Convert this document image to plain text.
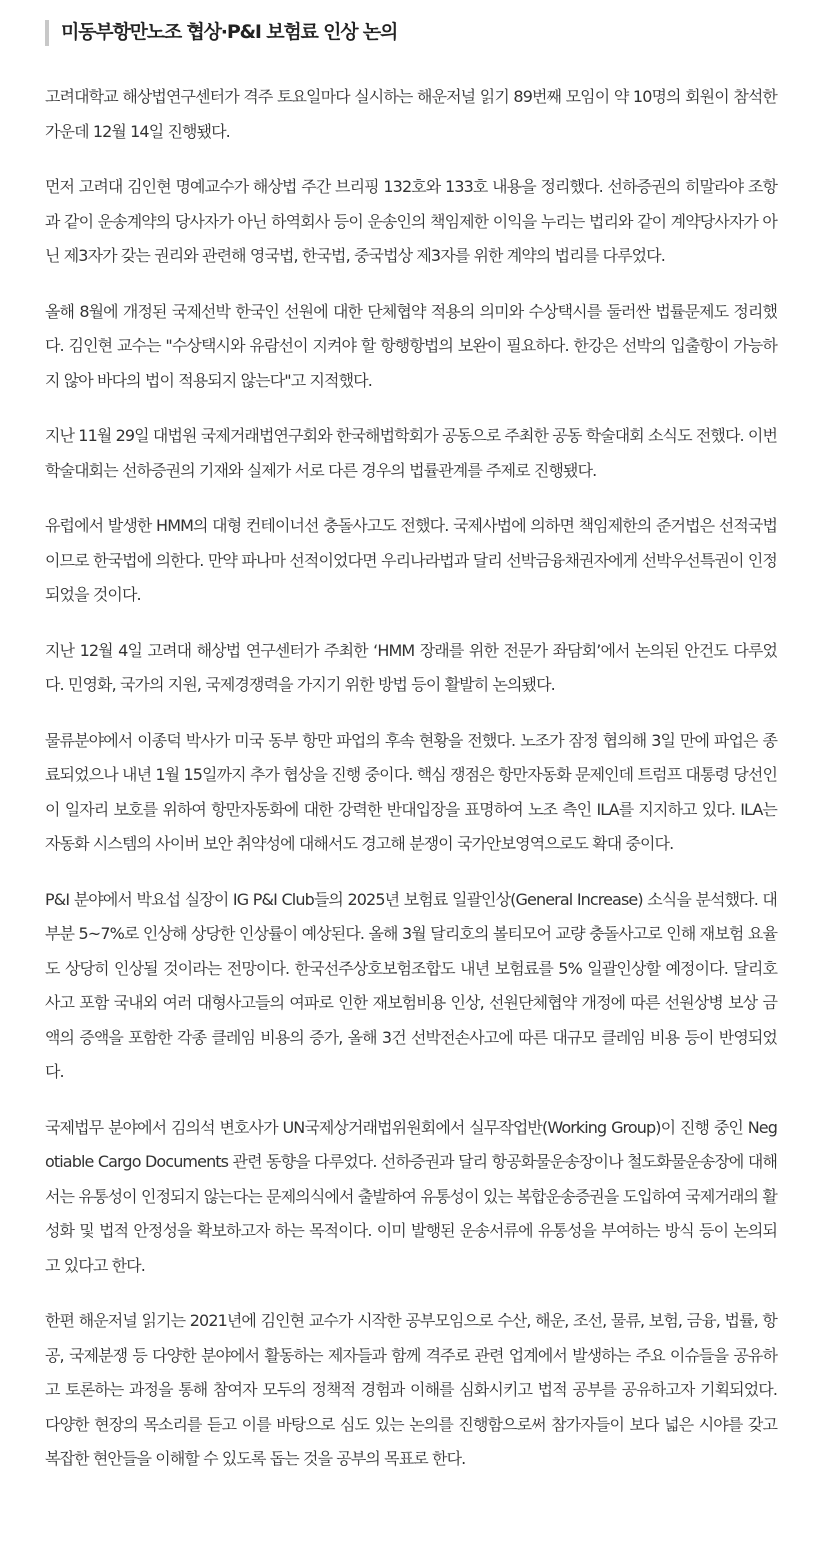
미동부항만노조 협상·P&I 보험료 인상 논의

고려대학교 해상법연구센터가 격주 토요일마다 실시하는 해운저널 읽기 89번째 모임이 약 10명의 회원이 참석한 가운데 12월 14일 진행됐다.

먼저 고려대 김인현 명예교수가 해상법 주간 브리핑 132호와 133호 내용을 정리했다. 선하증권의 히말라야 조항과 같이 운송계약의 당사자가 아닌 하역회사 등이 운송인의 책임제한 이익을 누리는 법리와 같이 계약당사자가 아닌 제3자가 갖는 권리와 관련해 영국법, 한국법, 중국법상 제3자를 위한 계약의 법리를 다루었다.

올해 8월에 개정된 국제선박 한국인 선원에 대한 단체협약 적용의 의미와 수상택시를 둘러싼 법률문제도 정리했다. 김인현 교수는 "수상택시와 유람선이 지켜야 할 항행항법의 보완이 필요하다. 한강은 선박의 입출항이 가능하지 않아 바다의 법이 적용되지 않는다"고 지적했다.

지난 11월 29일 대법원 국제거래법연구회와 한국해법학회가 공동으로 주최한 공동 학술대회 소식도 전했다. 이번 학술대회는 선하증권의 기재와 실제가 서로 다른 경우의 법률관계를 주제로 진행됐다.

유럽에서 발생한 HMM의 대형 컨테이너선 충돌사고도 전했다. 국제사법에 의하면 책임제한의 준거법은 선적국법이므로 한국법에 의한다. 만약 파나마 선적이었다면 우리나라법과 달리 선박금융채권자에게 선박우선특권이 인정되었을 것이다.

지난 12월 4일 고려대 해상법 연구센터가 주최한 ‘HMM 장래를 위한 전문가 좌담회’에서 논의된 안건도 다루었다. 민영화, 국가의 지원, 국제경쟁력을 가지기 위한 방법 등이 활발히 논의됐다.

물류분야에서 이종덕 박사가 미국 동부 항만 파업의 후속 현황을 전했다. 노조가 잠정 협의해 3일 만에 파업은 종료되었으나 내년 1월 15일까지 추가 협상을 진행 중이다. 핵심 쟁점은 항만자동화 문제인데 트럼프 대통령 당선인이 일자리 보호를 위하여 항만자동화에 대한 강력한 반대입장을 표명하여 노조 측인 ILA를 지지하고 있다. ILA는 자동화 시스템의 사이버 보안 취약성에 대해서도 경고해 분쟁이 국가안보영역으로도 확대 중이다.

P&I 분야에서 박요섭 실장이 IG P&I Club들의 2025년 보험료 일괄인상(General Increase) 소식을 분석했다. 대부분 5~7%로 인상해 상당한 인상률이 예상된다. 올해 3월 달리호의 볼티모어 교량 충돌사고로 인해 재보험 요율도 상당히 인상될 것이라는 전망이다. 한국선주상호보험조합도 내년 보험료를 5% 일괄인상할 예정이다. 달리호 사고 포함 국내외 여러 대형사고들의 여파로 인한 재보험비용 인상, 선원단체협약 개정에 따른 선원상병 보상 금액의 증액을 포함한 각종 클레임 비용의 증가, 올해 3건 선박전손사고에 따른 대규모 클레임 비용 등이 반영되었다.

국제법무 분야에서 김의석 변호사가 UN국제상거래법위원회에서 실무작업반(Working Group)이 진행 중인 Negotiable Cargo Documents 관련 동향을 다루었다. 선하증권과 달리 항공화물운송장이나 철도화물운송장에 대해서는 유통성이 인정되지 않는다는 문제의식에서 출발하여 유통성이 있는 복합운송증권을 도입하여 국제거래의 활성화 및 법적 안정성을 확보하고자 하는 목적이다. 이미 발행된 운송서류에 유통성을 부여하는 방식 등이 논의되고 있다고 한다.

한편 해운저널 읽기는 2021년에 김인현 교수가 시작한 공부모임으로 수산, 해운, 조선, 물류, 보험, 금융, 법률, 항공, 국제분쟁 등 다양한 분야에서 활동하는 제자들과 함께 격주로 관련 업계에서 발생하는 주요 이슈들을 공유하고 토론하는 과정을 통해 참여자 모두의 정책적 경험과 이해를 심화시키고 법적 공부를 공유하고자 기획되었다. 다양한 현장의 목소리를 듣고 이를 바탕으로 심도 있는 논의를 진행함으로써 참가자들이 보다 넓은 시야를 갖고 복잡한 현안들을 이해할 수 있도록 돕는 것을 공부의 목표로 한다.
